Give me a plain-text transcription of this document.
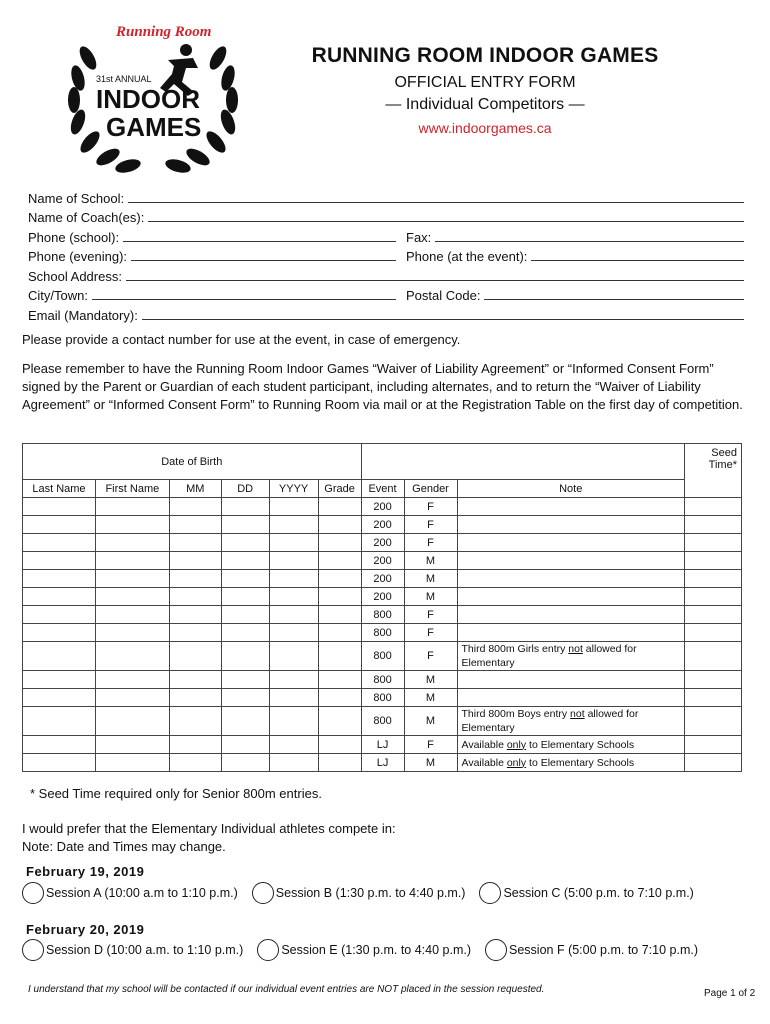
Running Room
31st ANNUAL
INDOOR
GAMES
RUNNING ROOM INDOOR GAMES
OFFICIAL ENTRY FORM
— Individual Competitors —
www.indoorgames.ca
Name of School:
Name of Coach(es):
Phone (school):	Fax:
Phone (evening):	Phone (at the event):
School Address:
City/Town:	Postal Code:
Email (Mandatory):
Please provide a contact number for use at the event, in case of emergency.
Please remember to have the Running Room Indoor Games “Waiver of Liability Agreement” or “Informed Consent Form” signed by the Parent or Guardian of each student participant, including alternates, and to return the “Waiver of Liability Agreement” or “Informed Consent Form” to Running Room via mail or at the Registration Table on the first day of competition.
Date of Birth									Seed Time*
Last Name	First Name	MM	DD	YYYY	Grade	Event	Gender	Note	
						200	F		
						200	F		
						200	F		
						200	M		
						200	M		
						200	M		
						800	F		
						800	F		
						800	F	Third 800m Girls entry not allowed for Elementary	
						800	M		
						800	M		
						800	M	Third 800m Boys entry not allowed for Elementary	
						LJ	F	Available only to Elementary Schools	
						LJ	M	Available only to Elementary Schools	
* Seed Time required only for Senior 800m entries.
I would prefer that the Elementary Individual athletes compete in:
Note: Date and Times may change.
February 19, 2019
Session A (10:00 a.m to 1:10 p.m.)	Session B (1:30 p.m. to 4:40 p.m.)	Session C (5:00 p.m. to 7:10 p.m.)
February 20, 2019
Session D (10:00 a.m. to 1:10 p.m.)	Session E (1:30 p.m. to 4:40 p.m.)	Session F (5:00 p.m. to 7:10 p.m.)
I understand that my school will be contacted if our individual event entries are NOT placed in the session requested.	Page 1 of 2
